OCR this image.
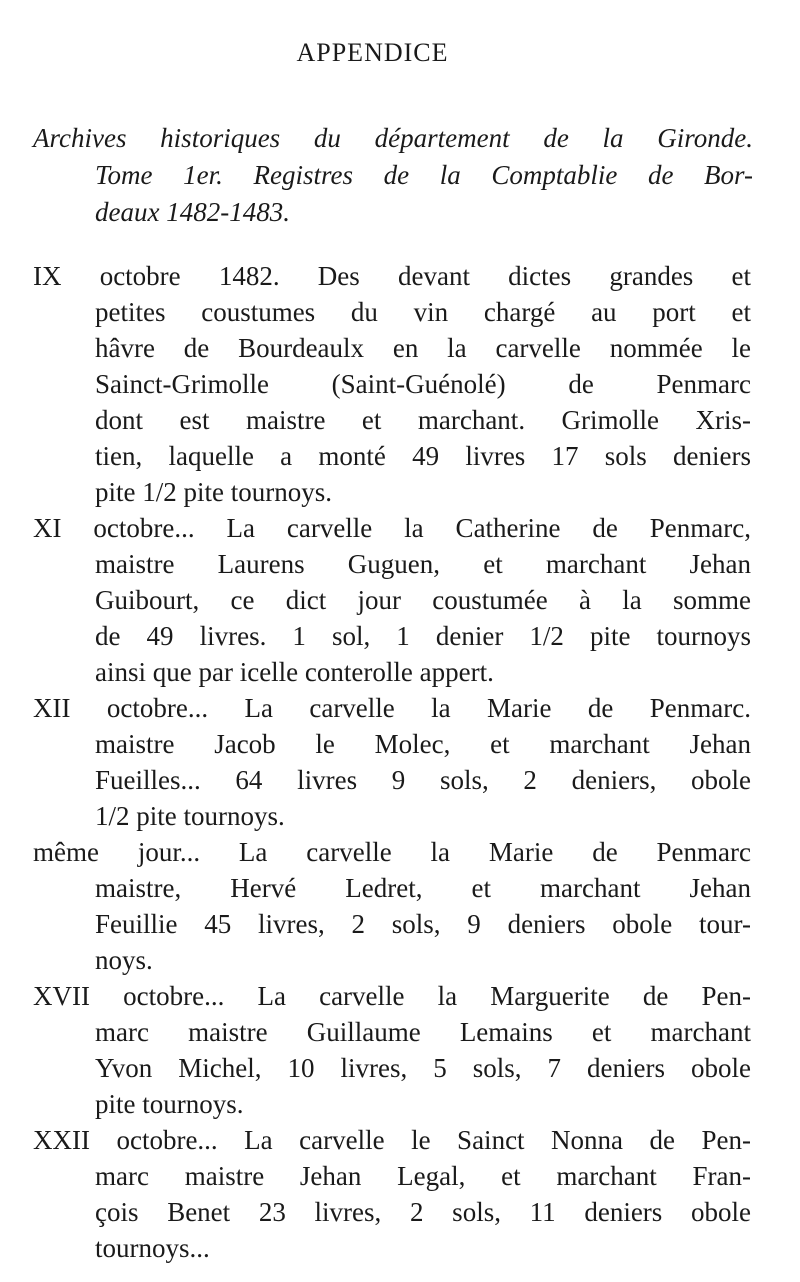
APPENDICE
Archives historiques du département de la Gironde.
Tome 1er. Registres de la Comptablie de Bor-
deaux 1482-1483.
IX octobre 1482. Des devant dictes grandes et
petites coustumes du vin chargé au port et
hâvre de Bourdeaulx en la carvelle nommée le
Sainct-Grimolle (Saint-Guénolé) de Penmarc
dont est maistre et marchant. Grimolle Xris-
tien, laquelle a monté 49 livres 17 sols deniers
pite 1/2 pite tournoys.
XI octobre... La carvelle la Catherine de Penmarc,
maistre Laurens Guguen, et marchant Jehan
Guibourt, ce dict jour coustumée à la somme
de 49 livres. 1 sol, 1 denier 1/2 pite tournoys
ainsi que par icelle conterolle appert.
XII octobre... La carvelle la Marie de Penmarc.
maistre Jacob le Molec, et marchant Jehan
Fueilles... 64 livres 9 sols, 2 deniers, obole
1/2 pite tournoys.
même jour... La carvelle la Marie de Penmarc
maistre, Hervé Ledret, et marchant Jehan
Feuillie 45 livres, 2 sols, 9 deniers obole tour-
noys.
XVII octobre... La carvelle la Marguerite de Pen-
marc maistre Guillaume Lemains et marchant
Yvon Michel, 10 livres, 5 sols, 7 deniers obole
pite tournoys.
XXII octobre... La carvelle le Sainct Nonna de Pen-
marc maistre Jehan Legal, et marchant Fran-
çois Benet 23 livres, 2 sols, 11 deniers obole
tournoys...
